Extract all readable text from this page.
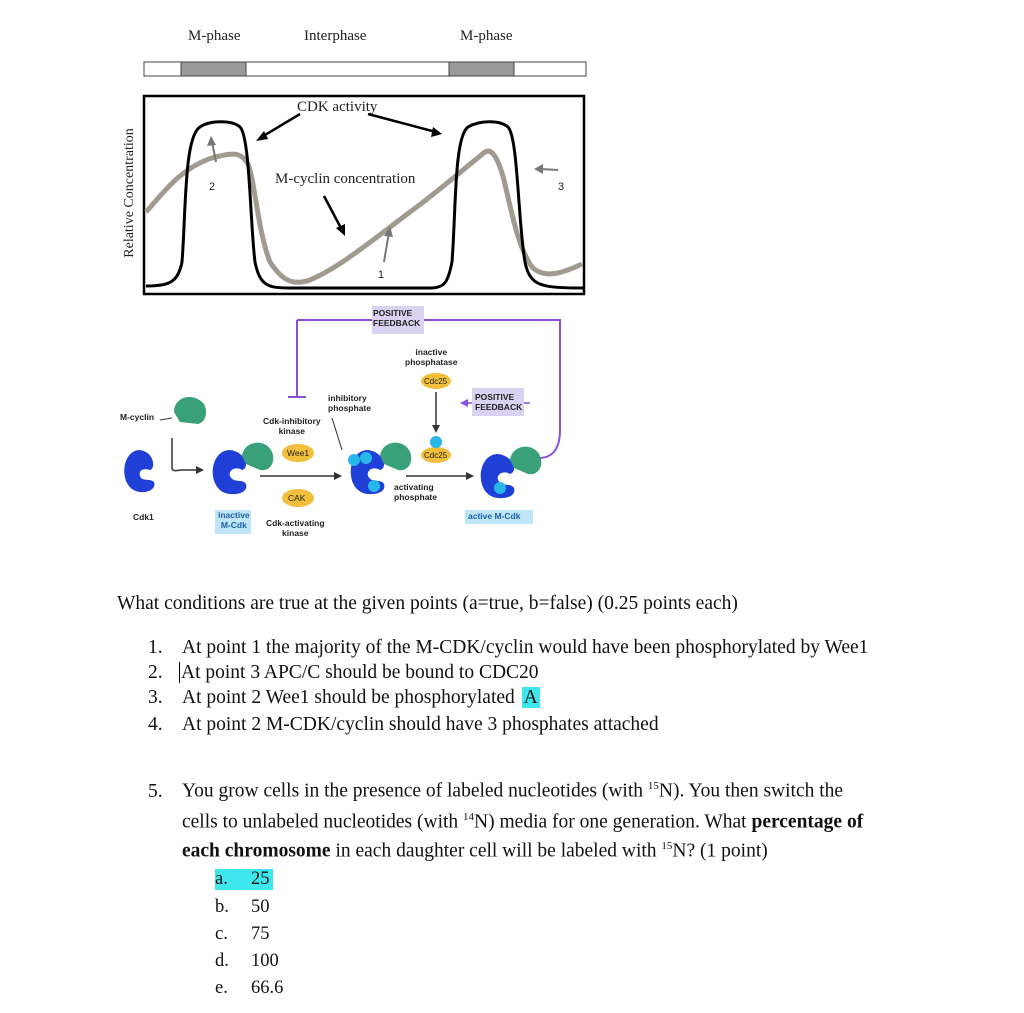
M-phase	Interphase	M-phase
Relative Concentration
CDK activity
M-cyclin concentration
1
2	3
POSITIVE
FEEDBACK
POSITIVE
FEEDBACK
inactive
phosphatase
Cdc25
Cdc25
inhibitory
phosphate
Cdk-inhibitory
kinase
M-cyclin
Cdk1
Wee1
CAK
inactive
M-Cdk	Cdk-activating
kinase
activating
phosphate
active M-Cdk
What conditions are true at the given points (a=true, b=false) (0.25 points each)
1. At point 1 the majority of the M-CDK/cyclin would have been phosphorylated by Wee1
2. At point 3 APC/C should be bound to CDC20
3. At point 2 Wee1 should be phosphorylated A
4. At point 2 M-CDK/cyclin should have 3 phosphates attached
5. You grow cells in the presence of labeled nucleotides (with $^{15}$N). You then switch the
cells to unlabeled nucleotides (with $^{14}$N) media for one generation. What percentage of
each chromosome in each daughter cell will be labeled with $^{15}$N? (1 point)
a. 25
b. 50
c. 75
d. 100
e. 66.6
